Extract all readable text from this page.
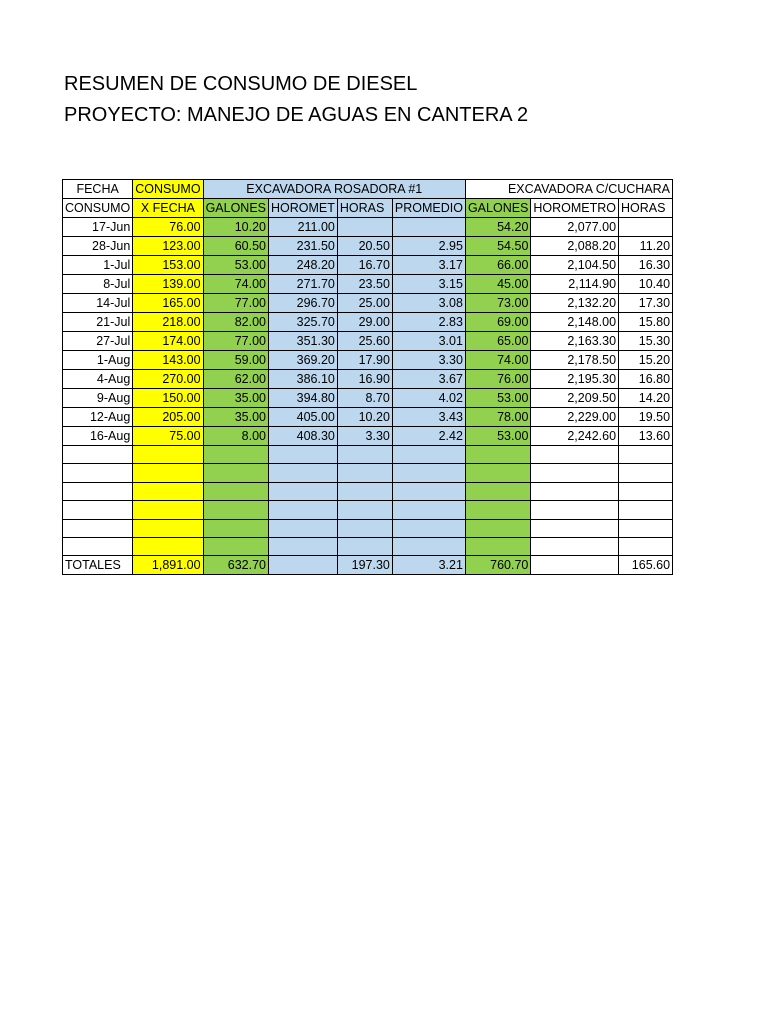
RESUMEN DE CONSUMO DE DIESEL
PROYECTO: MANEJO DE AGUAS EN CANTERA 2
FECHA	CONSUMO	EXCAVADORA ROSADORA #1				EXCAVADORA C/CUCHARA		
CONSUMO	X FECHA	GALONES	HOROMET	HORAS	PROMEDIO	GALONES	HOROMETRO	HORAS
17-Jun	76.00	10.20	211.00			54.20	2,077.00	
28-Jun	123.00	60.50	231.50	20.50	2.95	54.50	2,088.20	11.20
1-Jul	153.00	53.00	248.20	16.70	3.17	66.00	2,104.50	16.30
8-Jul	139.00	74.00	271.70	23.50	3.15	45.00	2,114.90	10.40
14-Jul	165.00	77.00	296.70	25.00	3.08	73.00	2,132.20	17.30
21-Jul	218.00	82.00	325.70	29.00	2.83	69.00	2,148.00	15.80
27-Jul	174.00	77.00	351.30	25.60	3.01	65.00	2,163.30	15.30
1-Aug	143.00	59.00	369.20	17.90	3.30	74.00	2,178.50	15.20
4-Aug	270.00	62.00	386.10	16.90	3.67	76.00	2,195.30	16.80
9-Aug	150.00	35.00	394.80	8.70	4.02	53.00	2,209.50	14.20
12-Aug	205.00	35.00	405.00	10.20	3.43	78.00	2,229.00	19.50
16-Aug	75.00	8.00	408.30	3.30	2.42	53.00	2,242.60	13.60

TOTALES	1,891.00	632.70		197.30	3.21	760.70		165.60
